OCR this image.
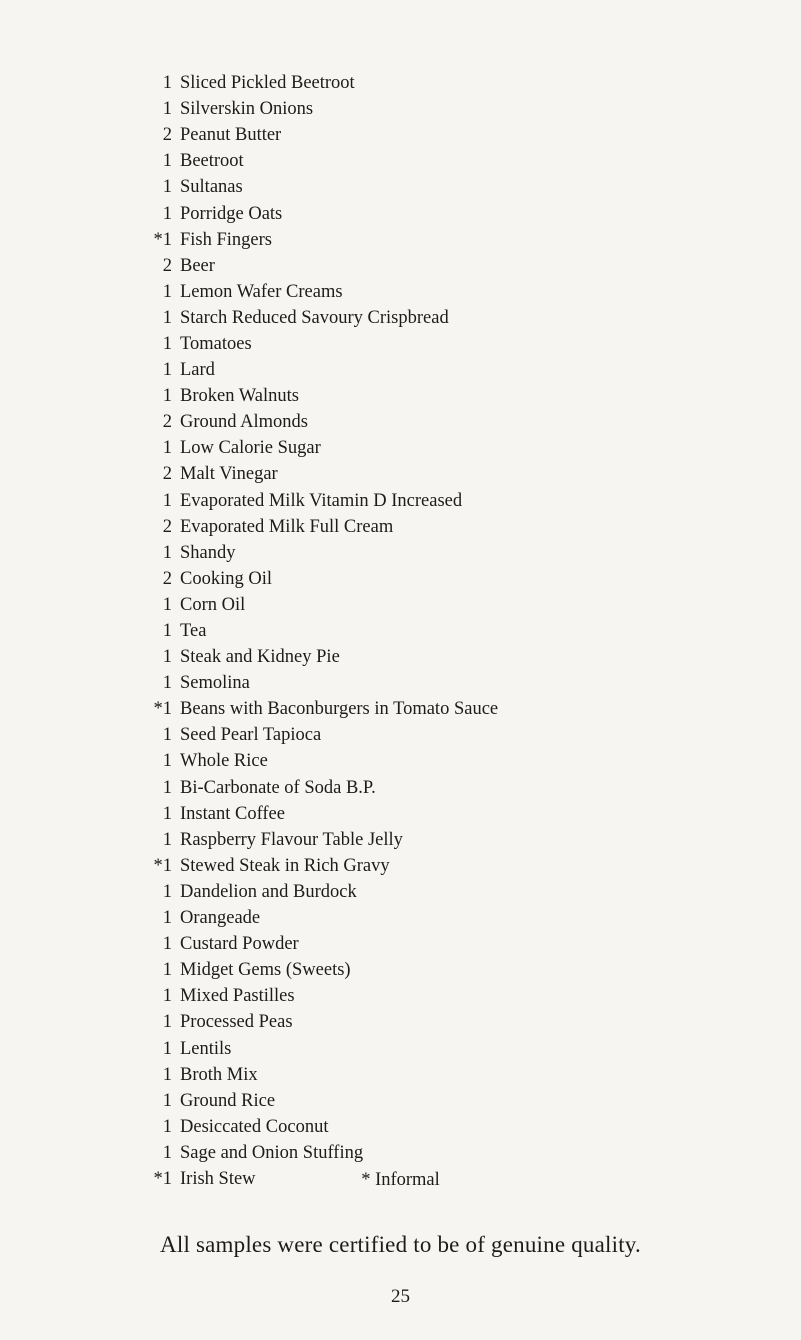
1 Sliced Pickled Beetroot
1 Silverskin Onions
2 Peanut Butter
1 Beetroot
1 Sultanas
1 Porridge Oats
*1 Fish Fingers
2 Beer
1 Lemon Wafer Creams
1 Starch Reduced Savoury Crispbread
1 Tomatoes
1 Lard
1 Broken Walnuts
2 Ground Almonds
1 Low Calorie Sugar
2 Malt Vinegar
1 Evaporated Milk Vitamin D Increased
2 Evaporated Milk Full Cream
1 Shandy
2 Cooking Oil
1 Corn Oil
1 Tea
1 Steak and Kidney Pie
1 Semolina
*1 Beans with Baconburgers in Tomato Sauce
1 Seed Pearl Tapioca
1 Whole Rice
1 Bi-Carbonate of Soda B.P.
1 Instant Coffee
1 Raspberry Flavour Table Jelly
*1 Stewed Steak in Rich Gravy
1 Dandelion and Burdock
1 Orangeade
1 Custard Powder
1 Midget Gems (Sweets)
1 Mixed Pastilles
1 Processed Peas
1 Lentils
1 Broth Mix
1 Ground Rice
1 Desiccated Coconut
1 Sage and Onion Stuffing
*1 Irish Stew	* Informal
All samples were certified to be of genuine quality.
25
